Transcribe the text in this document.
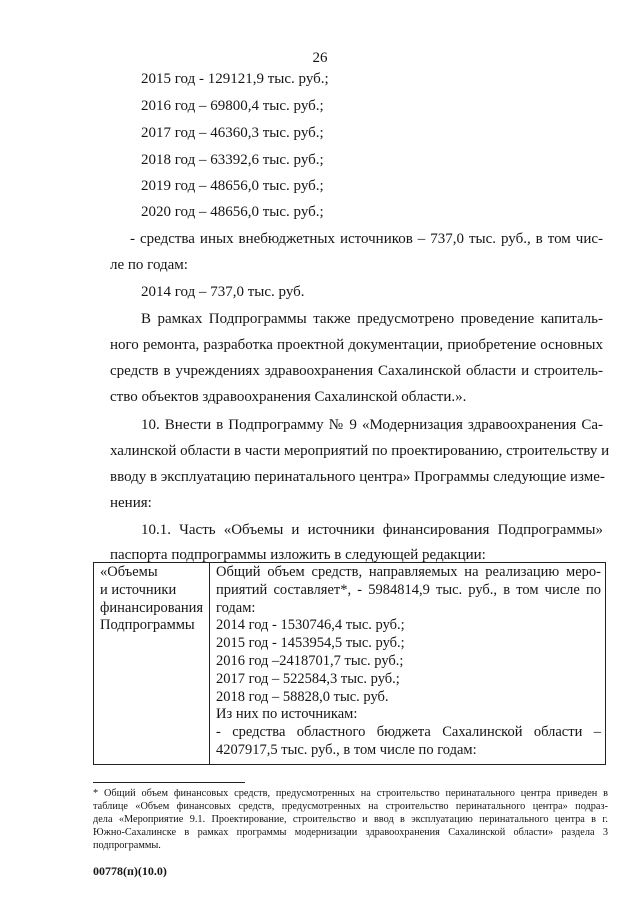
26
2015 год - 129121,9 тыс. руб.;
2016 год – 69800,4 тыс. руб.;
2017 год – 46360,3 тыс. руб.;
2018 год – 63392,6 тыс. руб.;
2019 год – 48656,0 тыс. руб.;
2020 год – 48656,0 тыс. руб.;
- средства иных внебюджетных источников – 737,0 тыс. руб., в том чис-
ле по годам:
2014 год – 737,0 тыс. руб.
В рамках Подпрограммы также предусмотрено проведение капиталь-
ного ремонта, разработка проектной документации, приобретение основных
средств в учреждениях здравоохранения Сахалинской области и строитель-
ство объектов здравоохранения Сахалинской области.».
10. Внести в Подпрограмму № 9 «Модернизация здравоохранения Са-
халинской области в части мероприятий по проектированию, строительству и
вводу в эксплуатацию перинатального центра» Программы следующие изме-
нения:
10.1. Часть «Объемы и источники финансирования Подпрограммы»
паспорта подпрограммы изложить в следующей редакции:
«Объемы
и источники
финансирования
Подпрограммы

Общий объем средств, направляемых на реализацию меро-
приятий составляет*, - 5984814,9 тыс. руб., в том числе по
годам:
2014 год - 1530746,4 тыс. руб.;
2015 год - 1453954,5 тыс. руб.;
2016 год –2418701,7 тыс. руб.;
2017 год – 522584,3 тыс. руб.;
2018 год – 58828,0 тыс. руб.
Из них по источникам:
- средства областного бюджета Сахалинской области –
4207917,5 тыс. руб., в том числе по годам:
* Общий объем финансовых средств, предусмотренных на строительство перинатального центра приведен в
таблице «Объем финансовых средств, предусмотренных на строительство перинатального центра» подраз-
дела «Мероприятие 9.1. Проектирование, строительство и ввод в эксплуатацию перинатального центра в г.
Южно-Сахалинске в рамках программы модернизации здравоохранения Сахалинской области» раздела 3
подпрограммы.
00778(п)(10.0)
